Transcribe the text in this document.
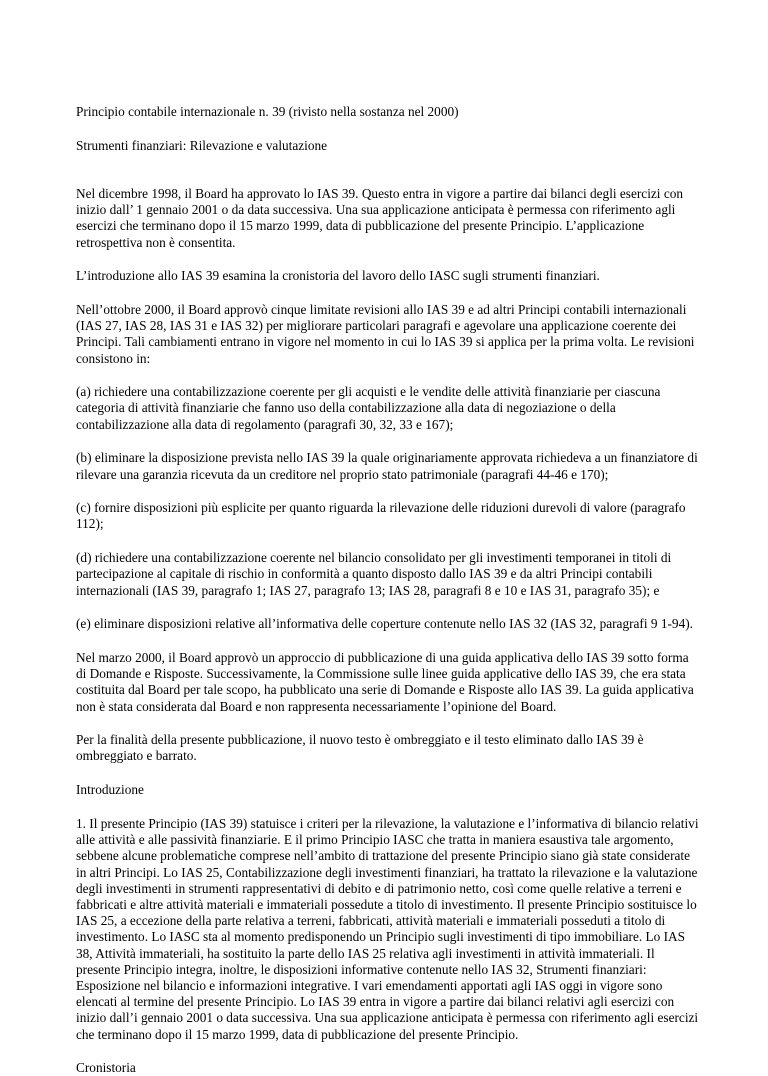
Principio contabile internazionale n. 39 (rivisto nella sostanza nel 2000)

Strumenti finanziari: Rilevazione e valutazione

Nel dicembre 1998, il Board ha approvato lo IAS 39. Questo entra in vigore a partire dai bilanci degli esercizi con inizio dall’ 1 gennaio 2001 o da data successiva. Una sua applicazione anticipata è permessa con riferimento agli esercizi che terminano dopo il 15 marzo 1999, data di pubblicazione del presente Principio. L’applicazione retrospettiva non è consentita.

L’introduzione allo IAS 39 esamina la cronistoria del lavoro dello IASC sugli strumenti finanziari.

Nell’ottobre 2000, il Board approvò cinque limitate revisioni allo IAS 39 e ad altri Principi contabili internazionali (IAS 27, IAS 28, IAS 31 e IAS 32) per migliorare particolari paragrafi e agevolare una applicazione coerente dei Principi. Tali cambiamenti entrano in vigore nel momento in cui lo IAS 39 si applica per la prima volta. Le revisioni consistono in:

(a) richiedere una contabilizzazione coerente per gli acquisti e le vendite delle attività finanziarie per ciascuna categoria di attività finanziarie che fanno uso della contabilizzazione alla data di negoziazione o della contabilizzazione alla data di regolamento (paragrafi 30, 32, 33 e 167);

(b) eliminare la disposizione prevista nello IAS 39 la quale originariamente approvata richiedeva a un finanziatore di rilevare una garanzia ricevuta da un creditore nel proprio stato patrimoniale (paragrafi 44-46 e 170);

(c) fornire disposizioni più esplicite per quanto riguarda la rilevazione delle riduzioni durevoli di valore (paragrafo 112);

(d) richiedere una contabilizzazione coerente nel bilancio consolidato per gli investimenti temporanei in titoli di partecipazione al capitale di rischio in conformità a quanto disposto dallo IAS 39 e da altri Principi contabili internazionali (IAS 39, paragrafo 1; IAS 27, paragrafo 13; IAS 28, paragrafi 8 e 10 e IAS 31, paragrafo 35); e

(e) eliminare disposizioni relative all’informativa delle coperture contenute nello IAS 32 (IAS 32, paragrafi 9 1-94).

Nel marzo 2000, il Board approvò un approccio di pubblicazione di una guida applicativa dello IAS 39 sotto forma di Domande e Risposte. Successivamente, la Commissione sulle linee guida applicative dello IAS 39, che era stata costituita dal Board per tale scopo, ha pubblicato una serie di Domande e Risposte allo IAS 39. La guida applicativa non è stata considerata dal Board e non rappresenta necessariamente l’opinione del Board.

Per la finalità della presente pubblicazione, il nuovo testo è ombreggiato e il testo eliminato dallo IAS 39 è ombreggiato e barrato.

Introduzione

1. Il presente Principio (IAS 39) statuisce i criteri per la rilevazione, la valutazione e l’informativa di bilancio relativi alle attività e alle passività finanziarie. E il primo Principio IASC che tratta in maniera esaustiva tale argomento, sebbene alcune problematiche comprese nell’ambito di trattazione del presente Principio siano già state considerate in altri Principi. Lo IAS 25, Contabilizzazione degli investimenti finanziari, ha trattato la rilevazione e la valutazione degli investimenti in strumenti rappresentativi di debito e di patrimonio netto, così come quelle relative a terreni e fabbricati e altre attività materiali e immateriali possedute a titolo di investimento. Il presente Principio sostituisce lo IAS 25, a eccezione della parte relativa a terreni, fabbricati, attività materiali e immateriali posseduti a titolo di investimento. Lo IASC sta al momento predisponendo un Principio sugli investimenti di tipo immobiliare. Lo IAS 38, Attività immateriali, ha sostituito la parte dello IAS 25 relativa agli investimenti in attività immateriali. Il presente Principio integra, inoltre, le disposizioni informative contenute nello IAS 32, Strumenti finanziari: Esposizione nel bilancio e informazioni integrative. I vari emendamenti apportati agli IAS oggi in vigore sono elencati al termine del presente Principio. Lo IAS 39 entra in vigore a partire dai bilanci relativi agli esercizi con inizio dall’i gennaio 2001 o data successiva. Una sua applicazione anticipata è permessa con riferimento agli esercizi che terminano dopo il 15 marzo 1999, data di pubblicazione del presente Principio.

Cronistoria
